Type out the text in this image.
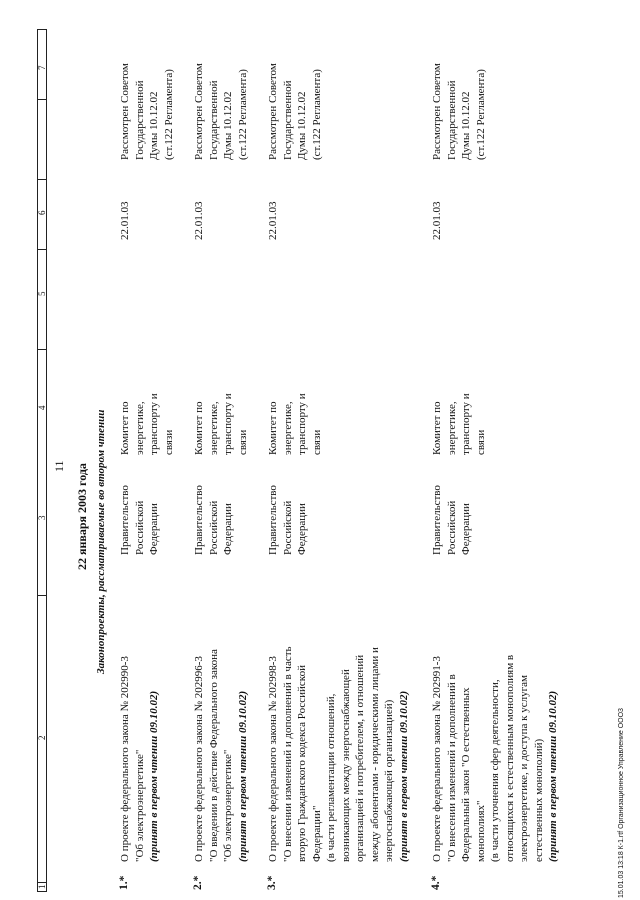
11
1
2
3
4
5
6
7
22 января 2003 года Законопроекты, рассматриваемые во втором чтении
1.*
О проекте федерального закона № 202990-3 "Об электроэнергетике" (принят в первом чтении 09.10.02)
Правительство Российской Федерации
Комитет по энергетике, транспорту и связи
22.01.03
Рассмотрен Советом Государственной Думы 10.12.02 (ст.122 Регламента)
2.*
О проекте федерального закона № 202996-3 "О введении в действие Федерального закона "Об электроэнергетике" (принят в первом чтении 09.10.02)
Правительство Российской Федерации
Комитет по энергетике, транспорту и связи
22.01.03
Рассмотрен Советом Государственной Думы 10.12.02 (ст.122 Регламента)
3.*
О проекте федерального закона № 202998-3 "О внесении изменений и дополнений в часть вторую Гражданского кодекса Российской Федерации" (в части регламентации отношений, возникающих между энергоснабжающей организацией и потребителем, и отношений между абонентами - юридическими лицами и энергоснабжающей организацией) (принят в первом чтении 09.10.02)
Правительство Российской Федерации
Комитет по энергетике, транспорту и связи
22.01.03
Рассмотрен Советом Государственной Думы 10.12.02 (ст.122 Регламента)
4.*
О проекте федерального закона № 202991-3 "О внесении изменений и дополнений в Федеральный закон "О естественных монополиях" (в части уточнения сфер деятельности, относящихся к естественным монополиям в электроэнергетике, и доступа к услугам естественных монополий) (принят в первом чтении 09.10.02)
Правительство Российской Федерации
Комитет по энергетике, транспорту и связи
22.01.03
Рассмотрен Советом Государственной Думы 10.12.02 (ст.122 Регламента)
15.01.03 13:18 К-1.rtf Организационное Управление ООО3
